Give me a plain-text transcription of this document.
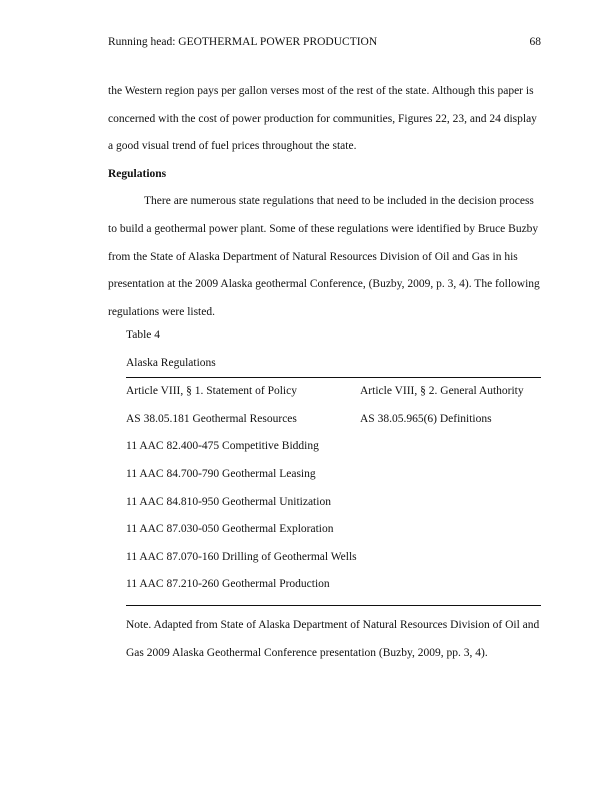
Running head: GEOTHERMAL POWER PRODUCTION	68

the Western region pays per gallon verses most of the rest of the state. Although this paper is concerned with the cost of power production for communities, Figures 22, 23, and 24 display a good visual trend of fuel prices throughout the state.

Regulations

There are numerous state regulations that need to be included in the decision process to build a geothermal power plant. Some of these regulations were identified by Bruce Buzby from the State of Alaska Department of Natural Resources Division of Oil and Gas in his presentation at the 2009 Alaska geothermal Conference, (Buzby, 2009, p. 3, 4). The following regulations were listed.

Table 4
Alaska Regulations
Article VIII, § 1. Statement of Policy	Article VIII, § 2. General Authority
AS 38.05.181 Geothermal Resources	AS 38.05.965(6) Definitions
11 AAC 82.400-475 Competitive Bidding
11 AAC 84.700-790 Geothermal Leasing
11 AAC 84.810-950 Geothermal Unitization
11 AAC 87.030-050 Geothermal Exploration
11 AAC 87.070-160 Drilling of Geothermal Wells
11 AAC 87.210-260 Geothermal Production
Note. Adapted from State of Alaska Department of Natural Resources Division of Oil and Gas 2009 Alaska Geothermal Conference presentation (Buzby, 2009, pp. 3, 4).
